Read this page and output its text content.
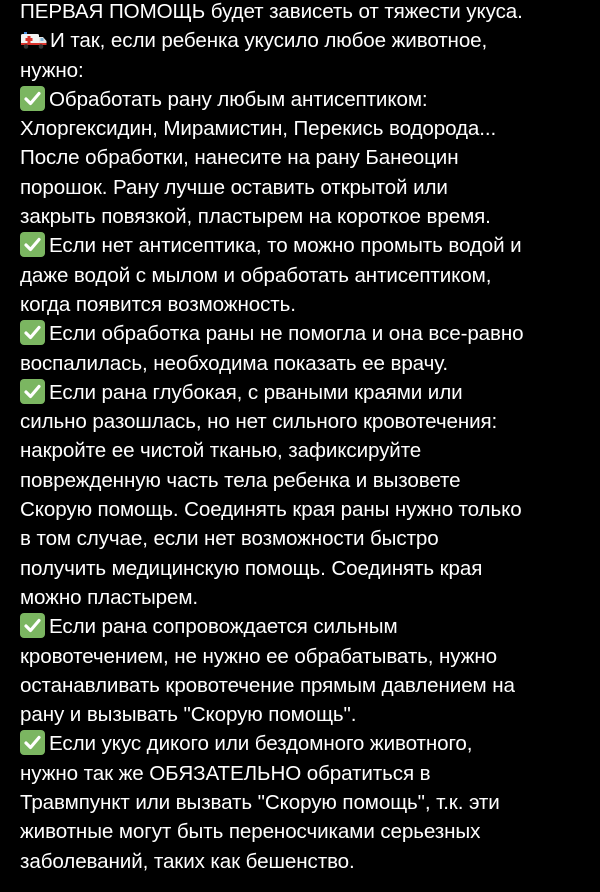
ПЕРВАЯ ПОМОЩЬ будет зависеть от тяжести укуса.
И так, если ребенка укусило любое животное,
нужно:
Обработать рану любым антисептиком:
Хлоргексидин, Мирамистин, Перекись водорода...
После обработки, нанесите на рану Банеоцин
порошок. Рану лучше оставить открытой или
закрыть повязкой, пластырем на короткое время.
Если нет антисептика, то можно промыть водой и
даже водой с мылом и обработать антисептиком,
когда появится возможность.
Если обработка раны не помогла и она все-равно
воспалилась, необходима показать ее врачу.
Если рана глубокая, с рваными краями или
сильно разошлась, но нет сильного кровотечения:
накройте ее чистой тканью, зафиксируйте
поврежденную часть тела ребенка и вызовете
Скорую помощь. Соединять края раны нужно только
в том случае, если нет возможности быстро
получить медицинскую помощь. Соединять края
можно пластырем.
Если рана сопровождается сильным
кровотечением, не нужно ее обрабатывать, нужно
останавливать кровотечение прямым давлением на
рану и вызывать "Скорую помощь".
Если укус дикого или бездомного животного,
нужно так же ОБЯЗАТЕЛЬНО обратиться в
Травмпункт или вызвать "Скорую помощь", т.к. эти
животные могут быть переносчиками серьезных
заболеваний, таких как бешенство.
